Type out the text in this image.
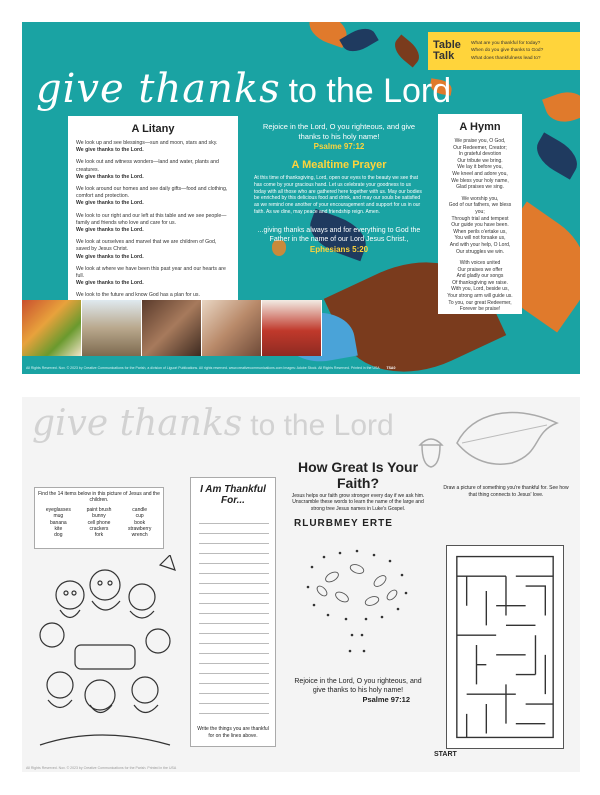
Table Talk
What are you thankful for today?
When do you give thanks to God?
What does thankfulness lead to?
give thanks to the Lord
A Litany

We look up and see blessings—sun and moon, stars and sky.
We give thanks to the Lord.

We look out and witness wonders—land and water, plants and creatures.
We give thanks to the Lord.

We look around our homes and see daily gifts—food and clothing, comfort and protection.
We give thanks to the Lord.

We look to our right and our left at this table and we see people—family and friends who love and care for us.
We give thanks to the Lord.

We look at ourselves and marvel that we are children of God, saved by Jesus Christ.
We give thanks to the Lord.

We look at where we have been this past year and our hearts are full.
We give thanks to the Lord.

We look to the future and know God has a plan for us.

Rejoice in the Lord, O you righteous, and give thanks to his holy name!
Psalme 97:12
A Mealtime Prayer
At this time of thanksgiving, Lord, open our eyes to the beauty we see that has come by your gracious hand. Let us celebrate your goodness to us today with all those who are gathered here together with us. May our bodies be enriched by this delicious food and drink, and may our souls be satisfied as we remind one another of your encouragement and support for us in our faith. As we dine, may peace and friendship reign. Amen.
...giving thanks always and for everything to God the Father in the name of our Lord Jesus Christ., Ephesians 5:20
A Hymn

We praise you, O God,
Our Redeemer, Creator;
In grateful devotion
Our tribute we bring.
We lay it before you,
We kneel and adore you,
We bless your holy name,
Glad praises we sing.

We worship you,
God of our fathers, we bless you;
Through trial and tempest
Our guide you have been.
When perils o'ertake us,
You will not forsake us,
And with your help, O Lord,
Our struggles we win.

With voices united
Our praises we offer
And gladly our songs
Of thanksgiving we raise.
With you, Lord, beside us,
Your strong arm will guide us.
To you, our great Redeemer,
Forever be praise!

All Rights Reserved. Nov. © 2023 by Creative Communications for the Parish, a division of Liguori Publications. All rights reserved. www.creativecommunications.com Images: Adobe Stock. All Rights Reserved. Printed in the USA TSA0
give thanks to the Lord
Find the 14 items below in this picture of Jesus and the children.
eyeglasses	paint brush	candle
mug	bunny	cup
banana	cell phone	book
kite	crackers	strawberry
dog	fork	wrench
I Am Thankful For...
Write the things you are thankful for on the lines above.
How Great Is Your Faith?
Jesus helps our faith grow stronger every day if we ask him. Unscramble these words to learn the name of the large and strong tree Jesus names in Luke's Gospel.
RLURBMEY ERTE
Rejoice in the Lord, O you righteous, and give thanks to his holy name!
Psalme 97:12
Draw a picture of something you're thankful for. See how that thing connects to Jesus' love.
START
All Rights Reserved. Nov. © 2023 by Creative Communications for the Parish. Printed in the USA
